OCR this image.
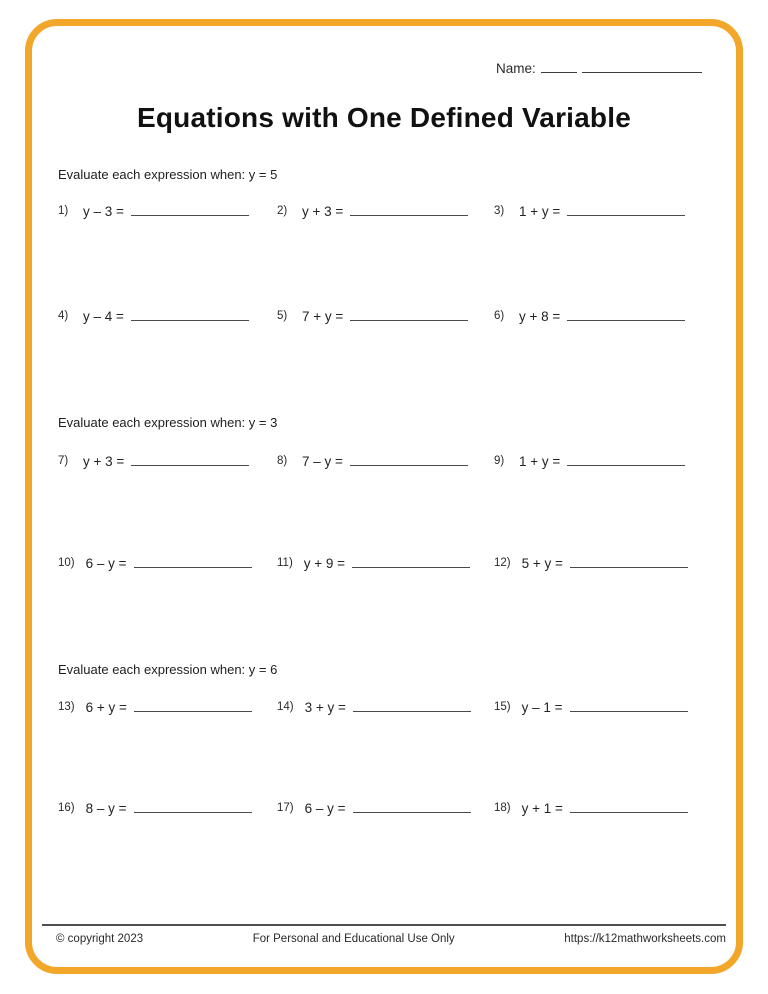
Name:
Equations with One Defined Variable
Evaluate each expression when: y = 5
1) y – 3 =	2) y + 3 =	3) 1 + y =
4) y – 4 =	5) 7 + y =	6) y + 8 =
Evaluate each expression when: y = 3
7) y + 3 =	8) 7 – y =	9) 1 + y =
10) 6 – y =	11) y + 9 =	12) 5 + y =
Evaluate each expression when: y = 6
13) 6 + y =	14) 3 + y =	15) y – 1 =
16) 8 – y =	17) 6 – y =	18) y + 1 =
© copyright 2023	For Personal and Educational Use Only	https://k12mathworksheets.com
